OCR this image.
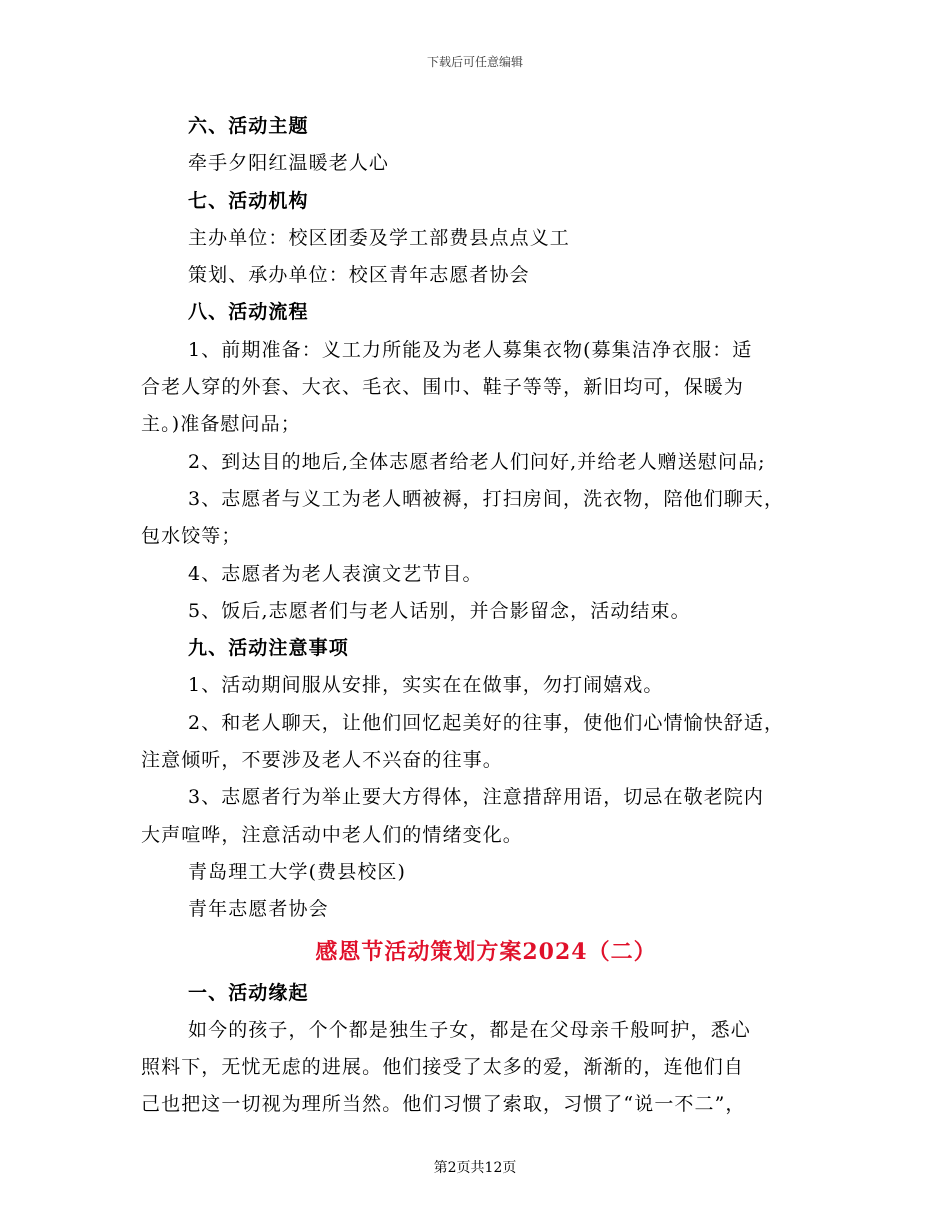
下载后可任意编辑
六、活动主题
牵手夕阳红温暖老人心
七、活动机构
主办单位：校区团委及学工部费县点点义工
策划、承办单位：校区青年志愿者协会
八、活动流程
1、前期准备：义工力所能及为老人募集衣物(募集洁净衣服：适
合老人穿的外套、大衣、毛衣、围巾、鞋子等等，新旧均可，保暖为
主。)准备慰问品；
2、到达目的地后,全体志愿者给老人们问好,并给老人赠送慰问品;
3、志愿者与义工为老人晒被褥，打扫房间，洗衣物，陪他们聊天，
包水饺等；
4、志愿者为老人表演文艺节目。
5、饭后,志愿者们与老人话别，并合影留念，活动结束。
九、活动注意事项
1、活动期间服从安排，实实在在做事，勿打闹嬉戏。
2、和老人聊天，让他们回忆起美好的往事，使他们心情愉快舒适，
注意倾听，不要涉及老人不兴奋的往事。
3、志愿者行为举止要大方得体，注意措辞用语，切忌在敬老院内
大声喧哗，注意活动中老人们的情绪变化。
青岛理工大学(费县校区)
青年志愿者协会
感恩节活动策划方案2024（二）
一、活动缘起
如今的孩子，个个都是独生子女，都是在父母亲千般呵护，悉心
照料下，无忧无虑的进展。他们接受了太多的爱，渐渐的，连他们自
己也把这一切视为理所当然。他们习惯了索取，习惯了“说一不二”，
第2页共12页
